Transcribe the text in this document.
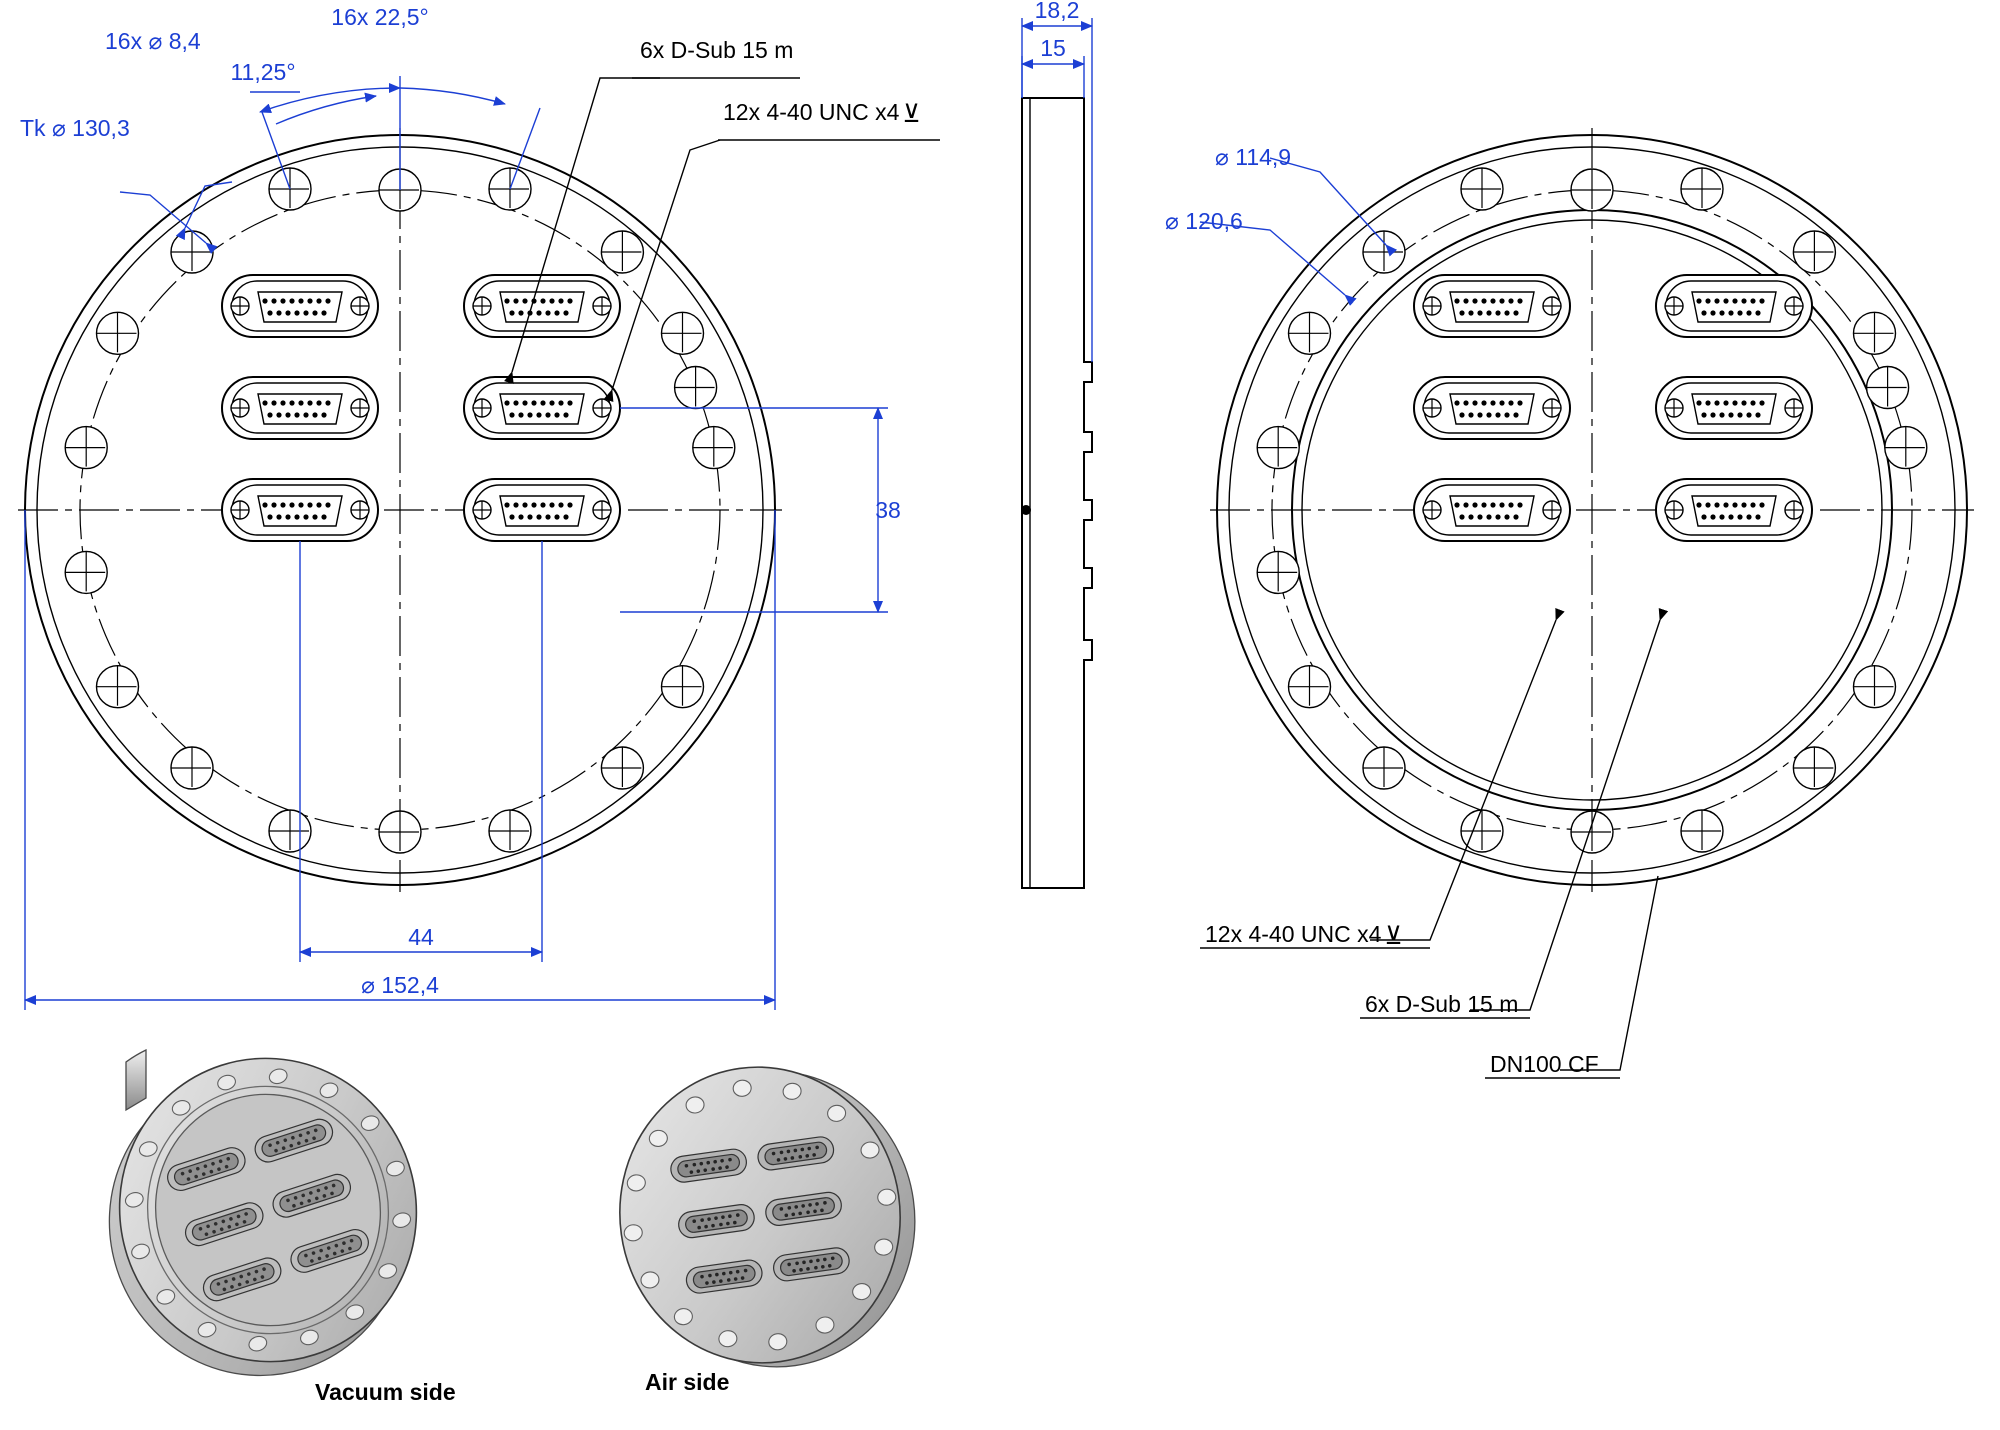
16x 22,5°
11,25°
16x ⌀ 8,4
Tk ⌀ 130,3
6x D-Sub 15 m
12x 4-40 UNC x4 ⊻
38
44
⌀ 152,4
18,2
15
⌀ 114,9
⌀ 120,6
12x 4-40 UNC x4 ⊻
6x D-Sub 15 m
DN100 CF
Vacuum side	Air side
